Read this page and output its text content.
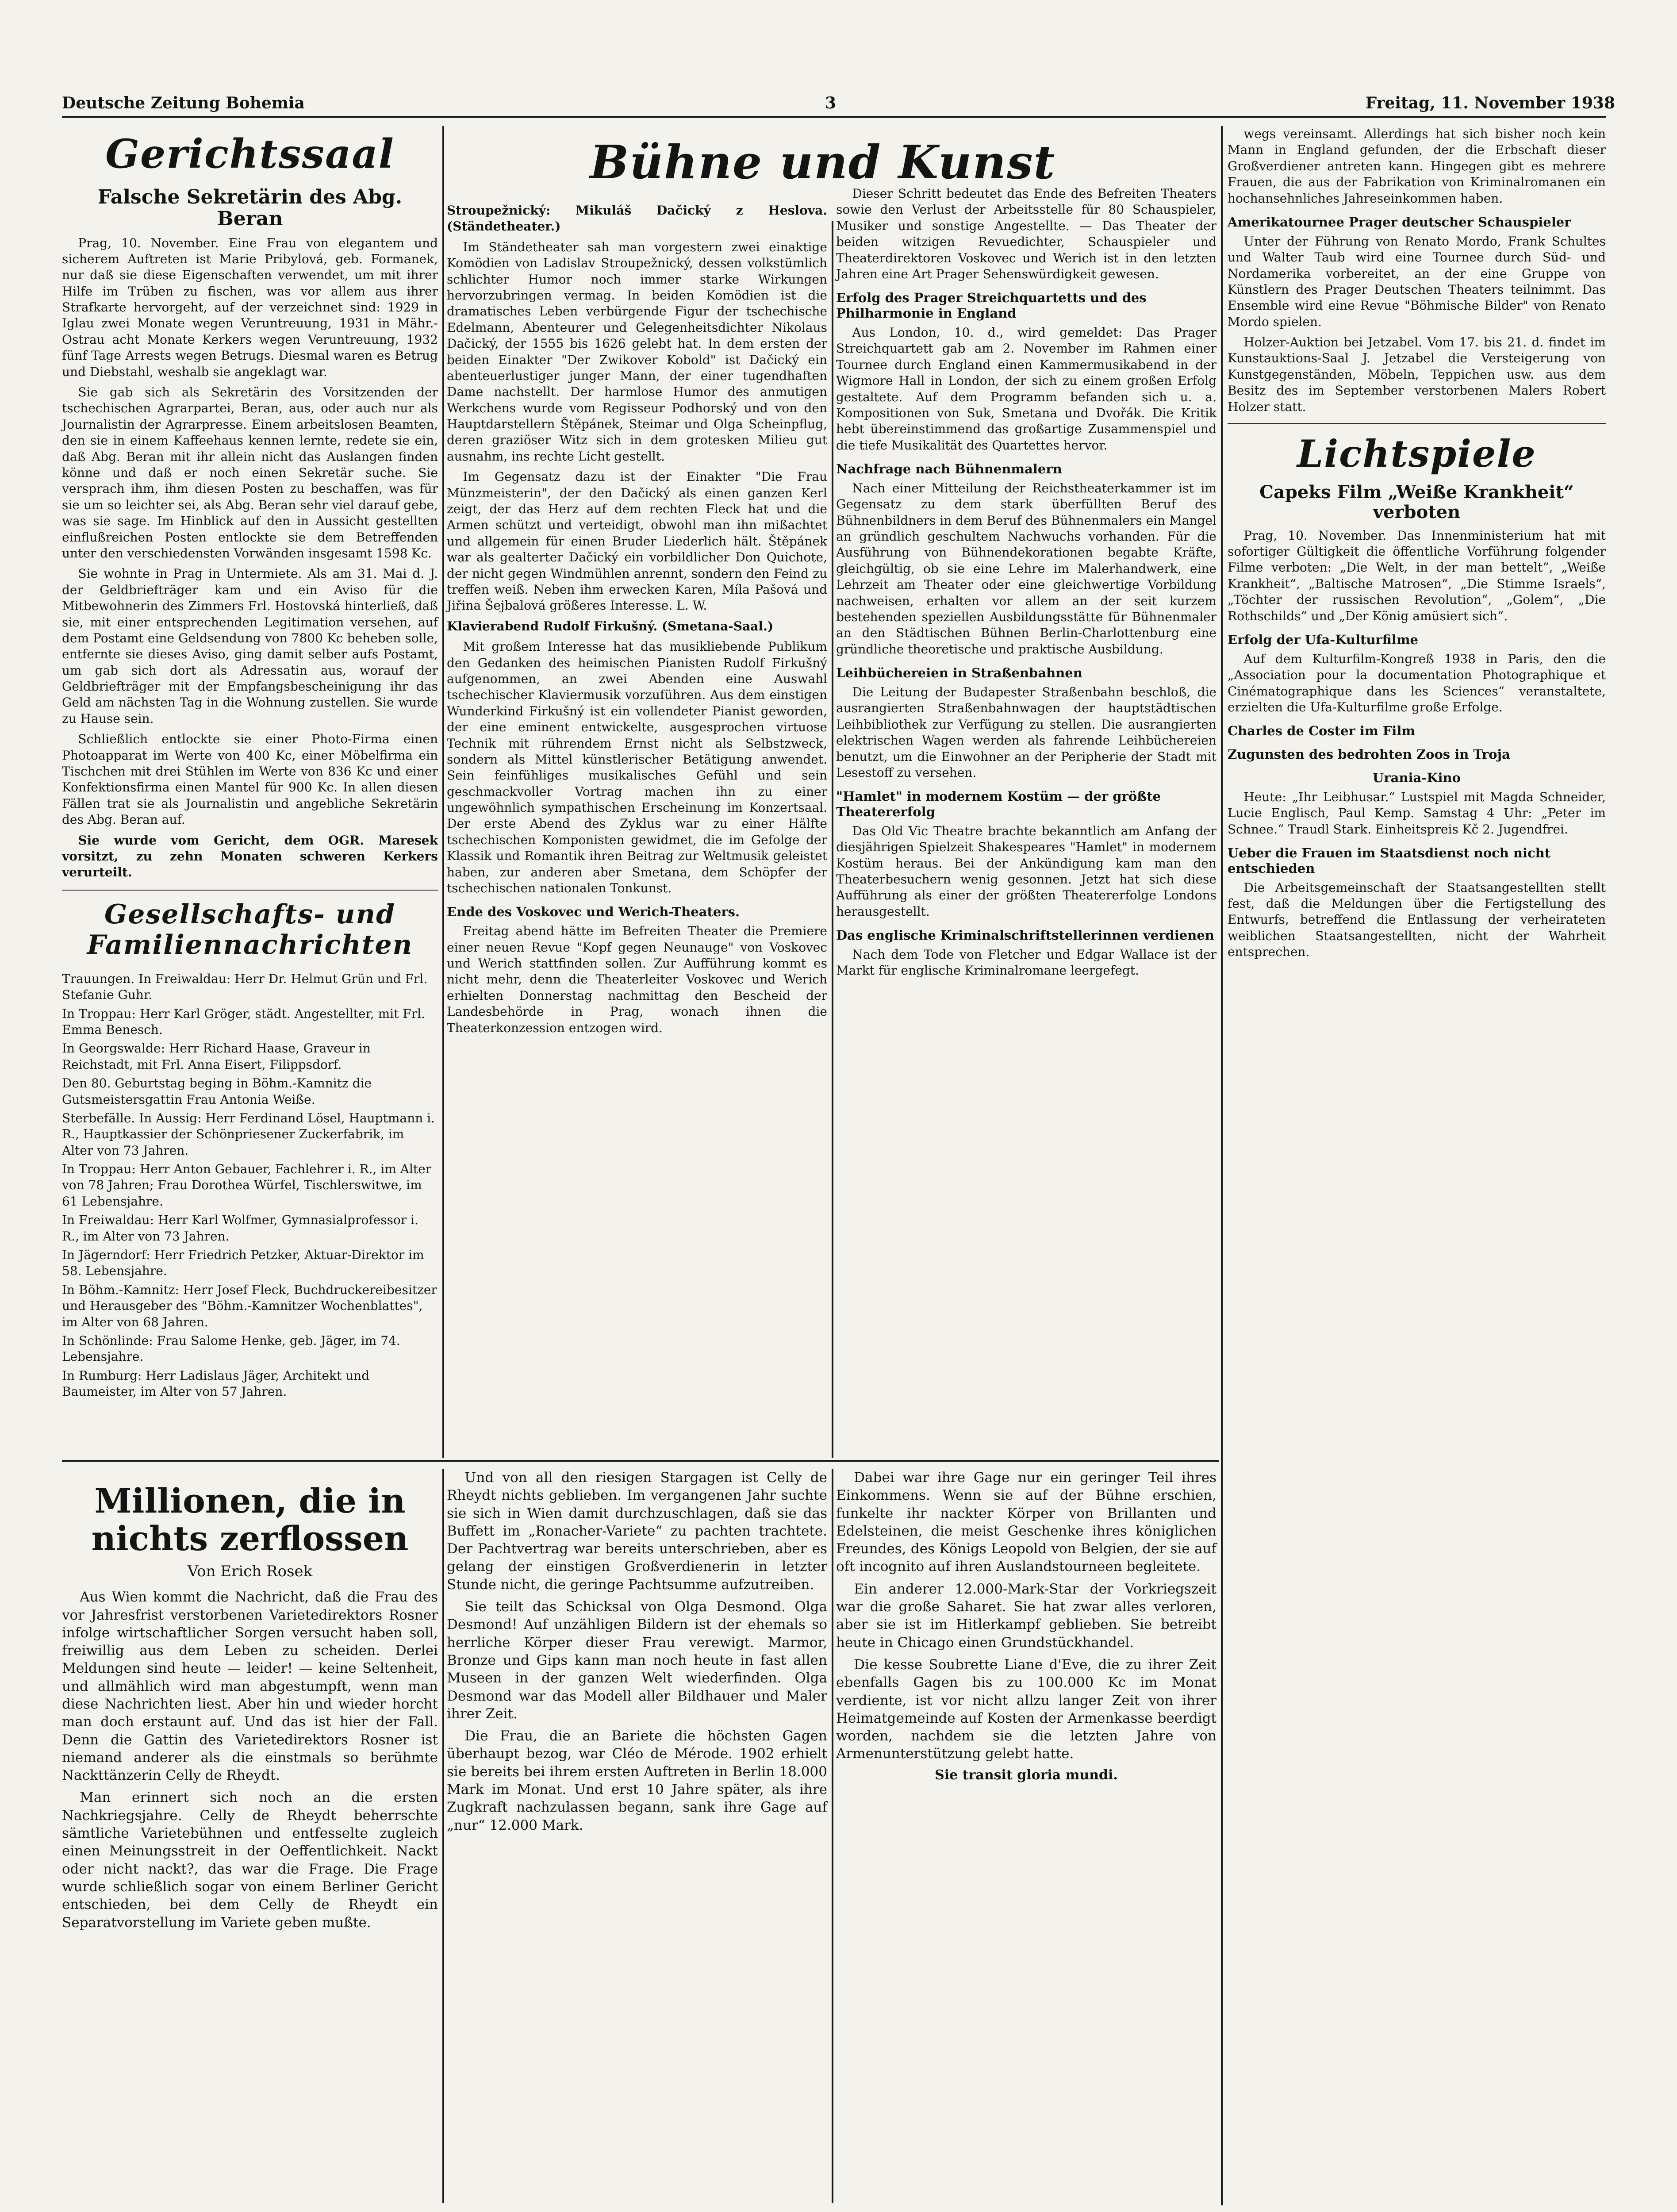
Deutsche Zeitung Bohemia	3	Freitag, 11. November 1938
Gerichtssaal
Falsche Sekretärin des Abg. Beran

Prag, 10. November. Eine Frau von elegantem und sicherem Auftreten ist Marie Pribylová, geb. Formanek, nur daß sie diese Eigenschaften verwendet, um mit ihrer Hilfe im Trüben zu fischen, was vor allem aus ihrer Strafkarte hervorgeht, auf der verzeichnet sind: 1929 in Iglau zwei Monate wegen Veruntreuung, 1931 in Mähr.-Ostrau acht Monate Kerkers wegen Veruntreuung, 1932 fünf Tage Arrests wegen Betrugs. Diesmal waren es Betrug und Diebstahl, weshalb sie angeklagt war.

Sie gab sich als Sekretärin des Vorsitzenden der tschechischen Agrarpartei, Beran, aus, oder auch nur als Journalistin der Agrarpresse. Einem arbeitslosen Beamten, den sie in einem Kaffeehaus kennen lernte, redete sie ein, daß Abg. Beran mit ihr allein nicht das Auslangen finden könne und daß er noch einen Sekretär suche. Sie versprach ihm, ihm diesen Posten zu beschaffen, was für sie um so leichter sei, als Abg. Beran sehr viel darauf gebe, was sie sage. Im Hinblick auf den in Aussicht gestellten einflußreichen Posten entlockte sie dem Betreffenden unter den verschiedensten Vorwänden insgesamt 1598 Kc.

Sie wohnte in Prag in Untermiete. Als am 31. Mai d. J. der Geldbriefträger kam und ein Aviso für die Mitbewohnerin des Zimmers Frl. Hostovská hinterließ, daß sie, mit einer entsprechenden Legitimation versehen, auf dem Postamt eine Geldsendung von 7800 Kc beheben solle, entfernte sie dieses Aviso, ging damit selber aufs Postamt, um gab sich dort als Adressatin aus, worauf der Geldbriefträger mit der Empfangsbescheinigung ihr das Geld am nächsten Tag in die Wohnung zustellen. Sie wurde zu Hause sein.

Schließlich entlockte sie einer Photo-Firma einen Photoapparat im Werte von 400 Kc, einer Möbelfirma ein Tischchen mit drei Stühlen im Werte von 836 Kc und einer Konfektionsfirma einen Mantel für 900 Kc. In allen diesen Fällen trat sie als Journalistin und angebliche Sekretärin des Abg. Beran auf.

Sie wurde vom Gericht, dem OGR. Maresek vorsitzt, zu zehn Monaten schweren Kerkers verurteilt.

Gesellschafts- und Familiennachrichten

Trauungen. In Freiwaldau: Herr Dr. Helmut Grün und Frl. Stefanie Guhr.

In Troppau: Herr Karl Gröger, städt. Angestellter, mit Frl. Emma Benesch.

In Georgswalde: Herr Richard Haase, Graveur in Reichstadt, mit Frl. Anna Eisert, Filippsdorf.

Den 80. Geburtstag beging in Böhm.-Kamnitz die Gutsmeistersgattin Frau Antonia Weiße.

Sterbefälle. In Aussig: Herr Ferdinand Lösel, Hauptmann i. R., Hauptkassier der Schönpriesener Zuckerfabrik, im Alter von 73 Jahren.

In Troppau: Herr Anton Gebauer, Fachlehrer i. R., im Alter von 78 Jahren; Frau Dorothea Würfel, Tischlerswitwe, im 61 Lebensjahre.

In Freiwaldau: Herr Karl Wolfmer, Gymnasialprofessor i. R., im Alter von 73 Jahren.

In Jägerndorf: Herr Friedrich Petzker, Aktuar-Direktor im 58. Lebensjahre.

In Böhm.-Kamnitz: Herr Josef Fleck, Buchdruckereibesitzer und Herausgeber des "Böhm.-Kamnitzer Wochenblattes", im Alter von 68 Jahren.

In Schönlinde: Frau Salome Henke, geb. Jäger, im 74. Lebensjahre.

In Rumburg: Herr Ladislaus Jäger, Architekt und Baumeister, im Alter von 57 Jahren.

Bühne und Kunst

Stroupežnický: Mikuláš Dačický z Heslova. (Ständetheater.)

Im Ständetheater sah man vorgestern zwei einaktige Komödien von Ladislav Stroupežnický, dessen volkstümlich schlichter Humor noch immer starke Wirkungen hervorzubringen vermag. In beiden Komödien ist die dramatisches Leben verbürgende Figur der tschechische Edelmann, Abenteurer und Gelegenheitsdichter Nikolaus Dačický, der 1555 bis 1626 gelebt hat. In dem ersten der beiden Einakter "Der Zwikover Kobold" ist Dačický ein abenteuerlustiger junger Mann, der einer tugendhaften Dame nachstellt. Der harmlose Humor des anmutigen Werkchens wurde vom Regisseur Podhorský und von den Hauptdarstellern Štěpánek, Steimar und Olga Scheinpflug, deren graziöser Witz sich in dem grotesken Milieu gut ausnahm, ins rechte Licht gestellt.

Im Gegensatz dazu ist der Einakter "Die Frau Münzmeisterin", der den Dačický als einen ganzen Kerl zeigt, der das Herz auf dem rechten Fleck hat und die Armen schützt und verteidigt, obwohl man ihn mißachtet und allgemein für einen Bruder Liederlich hält. Štěpánek war als gealterter Dačický ein vorbildlicher Don Quichote, der nicht gegen Windmühlen anrennt, sondern den Feind zu treffen weiß. Neben ihm erwecken Karen, Míla Pašová und Jiřina Šejbalová größeres Interesse. L. W.

Klavierabend Rudolf Firkušný. (Smetana-Saal.)

Mit großem Interesse hat das musikliebende Publikum den Gedanken des heimischen Pianisten Rudolf Firkušný aufgenommen, an zwei Abenden eine Auswahl tschechischer Klaviermusik vorzuführen. Aus dem einstigen Wunderkind Firkušný ist ein vollendeter Pianist geworden, der eine eminent entwickelte, ausgesprochen virtuose Technik mit rührendem Ernst nicht als Selbstzweck, sondern als Mittel künstlerischer Betätigung anwendet. Sein feinfühliges musikalisches Gefühl und sein geschmackvoller Vortrag machen ihn zu einer ungewöhnlich sympathischen Erscheinung im Konzertsaal. Der erste Abend des Zyklus war zu einer Hälfte tschechischen Komponisten gewidmet, die im Gefolge der Klassik und Romantik ihren Beitrag zur Weltmusik geleistet haben, zur anderen aber Smetana, dem Schöpfer der tschechischen nationalen Tonkunst.

Ende des Voskovec und Werich-Theaters.

Freitag abend hätte im Befreiten Theater die Premiere einer neuen Revue "Kopf gegen Neunauge" von Voskovec und Werich stattfinden sollen. Zur Aufführung kommt es nicht mehr, denn die Theaterleiter Voskovec und Werich erhielten Donnerstag nachmittag den Bescheid der Landesbehörde in Prag, wonach ihnen die Theaterkonzession entzogen wird.

Dieser Schritt bedeutet das Ende des Befreiten Theaters sowie den Verlust der Arbeitsstelle für 80 Schauspieler, Musiker und sonstige Angestellte. — Das Theater der beiden witzigen Revuedichter, Schauspieler und Theaterdirektoren Voskovec und Werich ist in den letzten Jahren eine Art Prager Sehenswürdigkeit gewesen.

Erfolg des Prager Streichquartetts und des Philharmonie in England

Aus London, 10. d., wird gemeldet: Das Prager Streichquartett gab am 2. November im Rahmen einer Tournee durch England einen Kammermusikabend in der Wigmore Hall in London, der sich zu einem großen Erfolg gestaltete. Auf dem Programm befanden sich u. a. Kompositionen von Suk, Smetana und Dvořák. Die Kritik hebt übereinstimmend das großartige Zusammenspiel und die tiefe Musikalität des Quartettes hervor.

Nachfrage nach Bühnenmalern

Nach einer Mitteilung der Reichstheaterkammer ist im Gegensatz zu dem stark überfüllten Beruf des Bühnenbildners in dem Beruf des Bühnenmalers ein Mangel an gründlich geschultem Nachwuchs vorhanden. Für die Ausführung von Bühnendekorationen begabte Kräfte, gleichgültig, ob sie eine Lehre im Malerhandwerk, eine Lehrzeit am Theater oder eine gleichwertige Vorbildung nachweisen, erhalten vor allem an der seit kurzem bestehenden speziellen Ausbildungsstätte für Bühnenmaler an den Städtischen Bühnen Berlin-Charlottenburg eine gründliche theoretische und praktische Ausbildung.

Leihbüchereien in Straßenbahnen

Die Leitung der Budapester Straßenbahn beschloß, die ausrangierten Straßenbahnwagen der hauptstädtischen Leihbibliothek zur Verfügung zu stellen. Die ausrangierten elektrischen Wagen werden als fahrende Leihbüchereien benutzt, um die Einwohner an der Peripherie der Stadt mit Lesestoff zu versehen.

"Hamlet" in modernem Kostüm — der größte Theatererfolg

Das Old Vic Theatre brachte bekanntlich am Anfang der diesjährigen Spielzeit Shakespeares "Hamlet" in modernem Kostüm heraus. Bei der Ankündigung kam man den Theaterbesuchern wenig gesonnen. Jetzt hat sich diese Aufführung als einer der größten Theatererfolge Londons herausgestellt.

Das englische Kriminalschriftstellerinnen verdienen

Nach dem Tode von Fletcher und Edgar Wallace ist der Markt für englische Kriminalromane leergefegt.

wegs vereinsamt. Allerdings hat sich bisher noch kein Mann in England gefunden, der die Erbschaft dieser Großverdiener antreten kann. Hingegen gibt es mehrere Frauen, die aus der Fabrikation von Kriminalromanen ein hochansehnliches Jahreseinkommen haben.

Amerikatournee Prager deutscher Schauspieler

Unter der Führung von Renato Mordo, Frank Schultes und Walter Taub wird eine Tournee durch Süd- und Nordamerika vorbereitet, an der eine Gruppe von Künstlern des Prager Deutschen Theaters teilnimmt. Das Ensemble wird eine Revue "Böhmische Bilder" von Renato Mordo spielen.

Holzer-Auktion bei Jetzabel. Vom 17. bis 21. d. findet im Kunstauktions-Saal J. Jetzabel die Versteigerung von Kunstgegenständen, Möbeln, Teppichen usw. aus dem Besitz des im September verstorbenen Malers Robert Holzer statt.

Lichtspiele
Capeks Film „Weiße Krankheit“ verboten

Prag, 10. November. Das Innenministerium hat mit sofortiger Gültigkeit die öffentliche Vorführung folgender Filme verboten: „Die Welt, in der man bettelt“, „Weiße Krankheit“, „Baltische Matrosen“, „Die Stimme Israels“, „Töchter der russischen Revolution“, „Golem“, „Die Rothschilds“ und „Der König amüsiert sich“.

Erfolg der Ufa-Kulturfilme

Auf dem Kulturfilm-Kongreß 1938 in Paris, den die „Association pour la documentation Photographique et Cinématographique dans les Sciences“ veranstaltete, erzielten die Ufa-Kulturfilme große Erfolge.

Charles de Coster im Film

Zugunsten des bedrohten Zoos in Troja

Urania-Kino

Heute: „Ihr Leibhusar.“ Lustspiel mit Magda Schneider, Lucie Englisch, Paul Kemp. Samstag 4 Uhr: „Peter im Schnee.“ Traudl Stark. Einheitspreis Kč 2. Jugendfrei.

Ueber die Frauen im Staatsdienst noch nicht entschieden

Die Arbeitsgemeinschaft der Staatsangestellten stellt fest, daß die Meldungen über die Fertigstellung des Entwurfs, betreffend die Entlassung der verheirateten weiblichen Staatsangestellten, nicht der Wahrheit entsprechen.

Millionen, die in nichts zerflossen
Von Erich Rosek

Aus Wien kommt die Nachricht, daß die Frau des vor Jahresfrist verstorbenen Varietedirektors Rosner infolge wirtschaftlicher Sorgen versucht haben soll, freiwillig aus dem Leben zu scheiden. Derlei Meldungen sind heute — leider! — keine Seltenheit, und allmählich wird man abgestumpft, wenn man diese Nachrichten liest. Aber hin und wieder horcht man doch erstaunt auf. Und das ist hier der Fall. Denn die Gattin des Varietedirektors Rosner ist niemand anderer als die einstmals so berühmte Nackttänzerin Celly de Rheydt.

Man erinnert sich noch an die ersten Nachkriegsjahre. Celly de Rheydt beherrschte sämtliche Varietebühnen und entfesselte zugleich einen Meinungsstreit in der Oeffentlichkeit. Nackt oder nicht nackt?, das war die Frage. Die Frage wurde schließlich sogar von einem Berliner Gericht entschieden, bei dem Celly de Rheydt ein Separatvorstellung im Variete geben mußte.

Und von all den riesigen Stargagen ist Celly de Rheydt nichts geblieben. Im vergangenen Jahr suchte sie sich in Wien damit durchzuschlagen, daß sie das Buffett im „Ronacher-Variete“ zu pachten trachtete. Der Pachtvertrag war bereits unterschrieben, aber es gelang der einstigen Großverdienerin in letzter Stunde nicht, die geringe Pachtsumme aufzutreiben.

Sie teilt das Schicksal von Olga Desmond. Olga Desmond! Auf unzähligen Bildern ist der ehemals so herrliche Körper dieser Frau verewigt. Marmor, Bronze und Gips kann man noch heute in fast allen Museen in der ganzen Welt wiederfinden. Olga Desmond war das Modell aller Bildhauer und Maler ihrer Zeit.

Die Frau, die an Bariete die höchsten Gagen überhaupt bezog, war Cléo de Mérode. 1902 erhielt sie bereits bei ihrem ersten Auftreten in Berlin 18.000 Mark im Monat. Und erst 10 Jahre später, als ihre Zugkraft nachzulassen begann, sank ihre Gage auf „nur“ 12.000 Mark.

Dabei war ihre Gage nur ein geringer Teil ihres Einkommens. Wenn sie auf der Bühne erschien, funkelte ihr nackter Körper von Brillanten und Edelsteinen, die meist Geschenke ihres königlichen Freundes, des Königs Leopold von Belgien, der sie auf oft incognito auf ihren Auslandstourneen begleitete.

Ein anderer 12.000-Mark-Star der Vorkriegszeit war die große Saharet. Sie hat zwar alles verloren, aber sie ist im Hitlerkampf geblieben. Sie betreibt heute in Chicago einen Grundstückhandel.

Die kesse Soubrette Liane d'Eve, die zu ihrer Zeit ebenfalls Gagen bis zu 100.000 Kc im Monat verdiente, ist vor nicht allzu langer Zeit von ihrer Heimatgemeinde auf Kosten der Armenkasse beerdigt worden, nachdem sie die letzten Jahre von Armenunterstützung gelebt hatte.

Sie transit gloria mundi.
